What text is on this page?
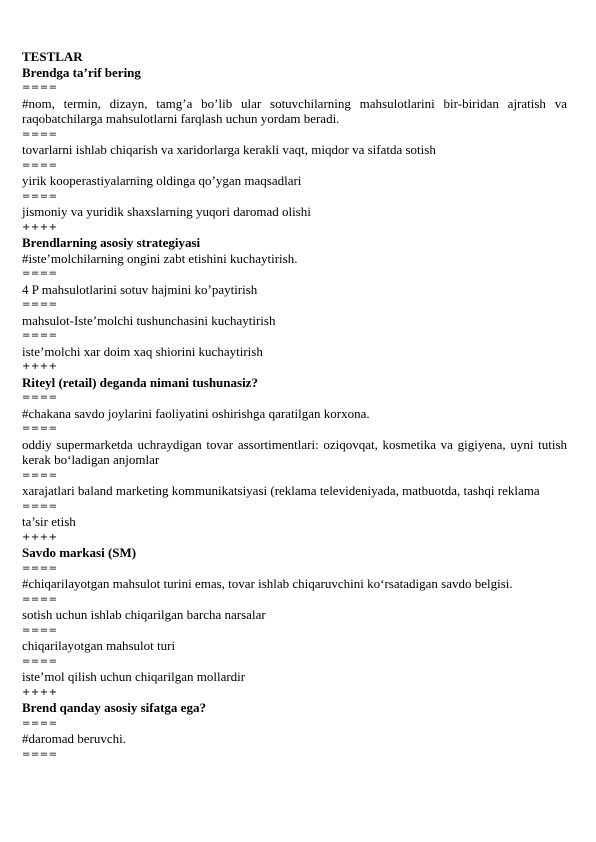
TESTLAR
Brendga ta’rif bering
====
#nom, termin, dizayn, tamg’a bo’lib ular sotuvchilarning mahsulotlarini bir-biridan ajratish va raqobatchilarga mahsulotlarni farqlash uchun yordam beradi.
====
tovarlarni ishlab chiqarish va xaridorlarga kerakli vaqt, miqdor va sifatda sotish
====
yirik kooperastiyalarning oldinga qo’ygan maqsadlari
====
jismoniy va yuridik shaxslarning yuqori daromad olishi
++++
Brendlarning asosiy strategiyasi
#iste’molchilarning ongini zabt etishini kuchaytirish.
====
4 P mahsulotlarini sotuv hajmini ko’paytirish
====
mahsulot-Iste’molchi tushunchasini kuchaytirish
====
iste’molchi xar doim xaq shiorini kuchaytirish
++++
Riteyl (retail) deganda nimani tushunasiz?
====
#chakana savdo joylarini faoliyatini oshirishga qaratilgan korxona.
====
oddiy supermarketda uchraydigan tovar assortimentlari: oziqovqat, kosmetika va gigiyena, uyni tutish kerak bo‘ladigan anjomlar
====
xarajatlari baland marketing kommunikatsiyasi (reklama televideniyada, matbuotda, tashqi reklama
====
ta’sir etish
++++
Savdo markasi (SM)
====
#chiqarilayotgan mahsulot turini emas, tovar ishlab chiqaruvchini ko‘rsatadigan savdo belgisi.
====
sotish uchun ishlab chiqarilgan barcha narsalar
====
chiqarilayotgan mahsulot turi
====
iste’mol qilish uchun chiqarilgan mollardir
++++
Brend qanday asosiy sifatga ega?
====
#daromad beruvchi.
====
